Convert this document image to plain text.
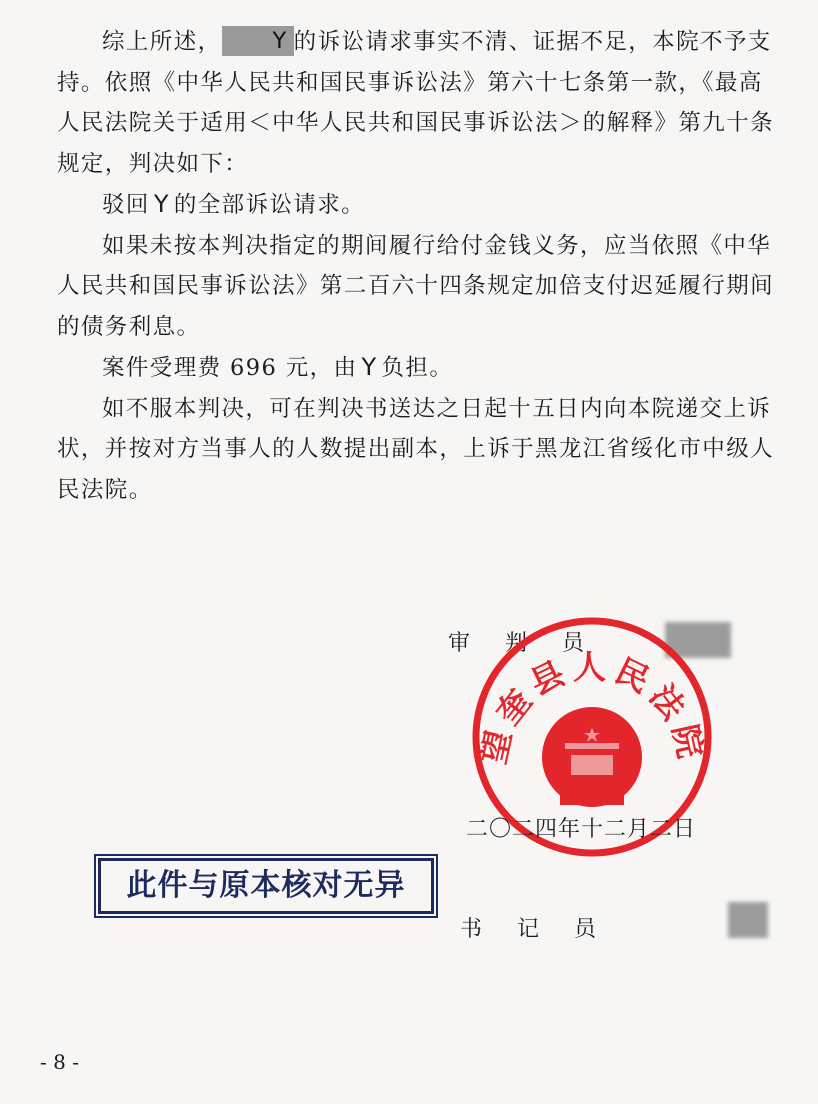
综上所述， Y 的诉讼请求事实不清、证据不足，本院不予支持。依照《中华人民共和国民事诉讼法》第六十七条第一款，《最高人民法院关于适用＜中华人民共和国民事诉讼法＞的解释》第九十条规定，判决如下：

驳回 Y 的全部诉讼请求。

如果未按本判决指定的期间履行给付金钱义务，应当依照《中华人民共和国民事诉讼法》第二百六十四条规定加倍支付迟延履行期间的债务利息。

案件受理费 696 元，由 Y 负担。

如不服本判决，可在判决书送达之日起十五日内向本院递交上诉状，并按对方当事人的人数提出副本，上诉于黑龙江省绥化市中级人民法院。

审 判 员
望奎县人民法院
二〇二四年十二月二日
此件与原本核对无异
书 记 员
- 8 -
